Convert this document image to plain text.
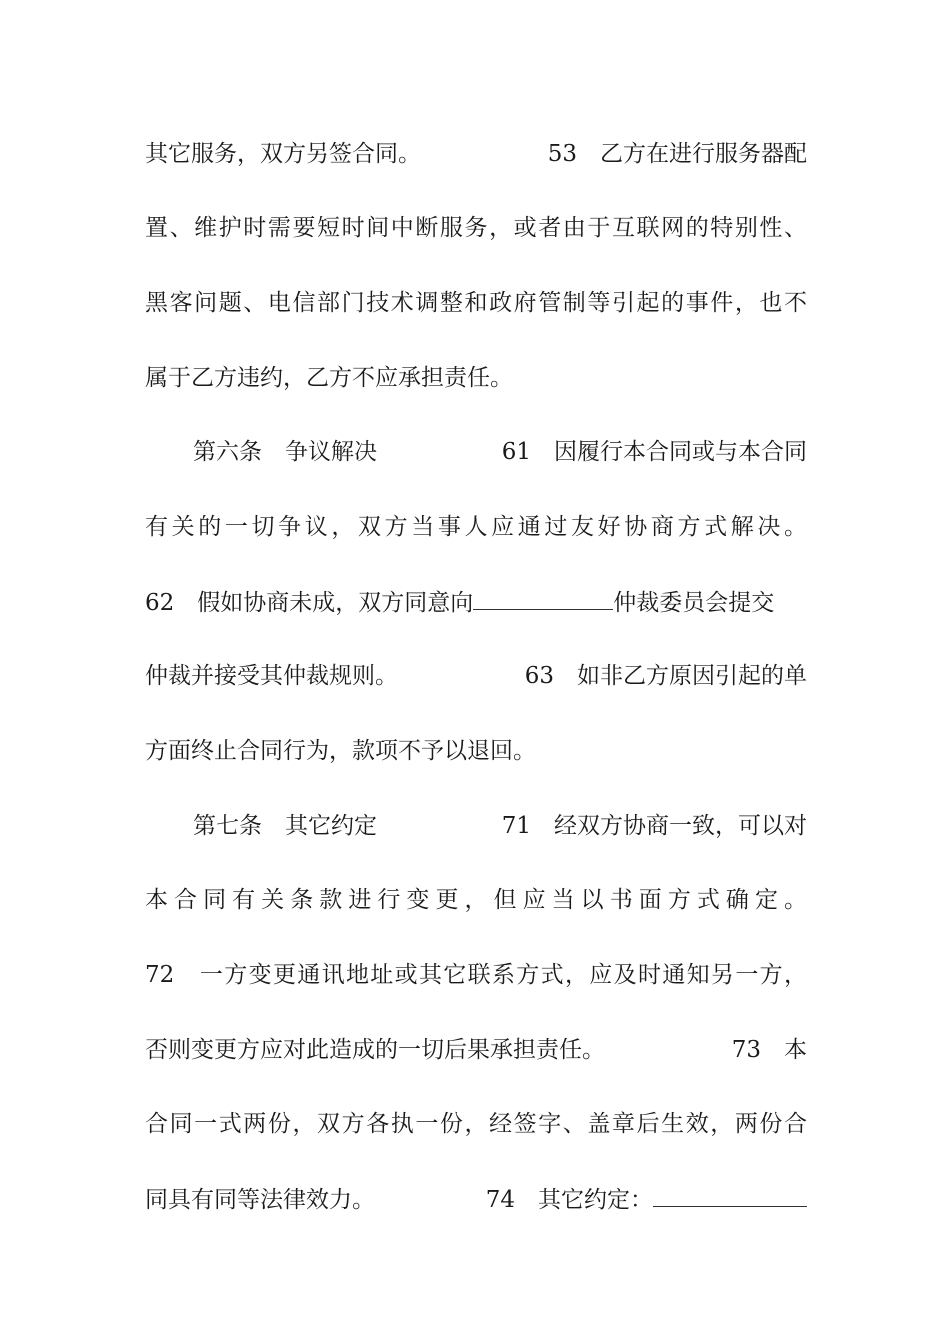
其它服务，双方另签合同。	53　乙方在进行服务器配
置、维护时需要短时间中断服务，或者由于互联网的特别性、
黑客问题、电信部门技术调整和政府管制等引起的事件，也不
属于乙方违约，乙方不应承担责任。
第六条　争议解决	61　因履行本合同或与本合同
有关的一切争议，双方当事人应通过友好协商方式解决。
62　假如协商未成，双方同意向	仲裁委员会提交
仲裁并接受其仲裁规则。	63　如非乙方原因引起的单
方面终止合同行为，款项不予以退回。
第七条　其它约定	71　经双方协商一致，可以对
本合同有关条款进行变更，但应当以书面方式确定。
72　一方变更通讯地址或其它联系方式，应及时通知另一方，
否则变更方应对此造成的一切后果承担责任。	73　本
合同一式两份，双方各执一份，经签字、盖章后生效，两份合
同具有同等法律效力。	74　其它约定：
